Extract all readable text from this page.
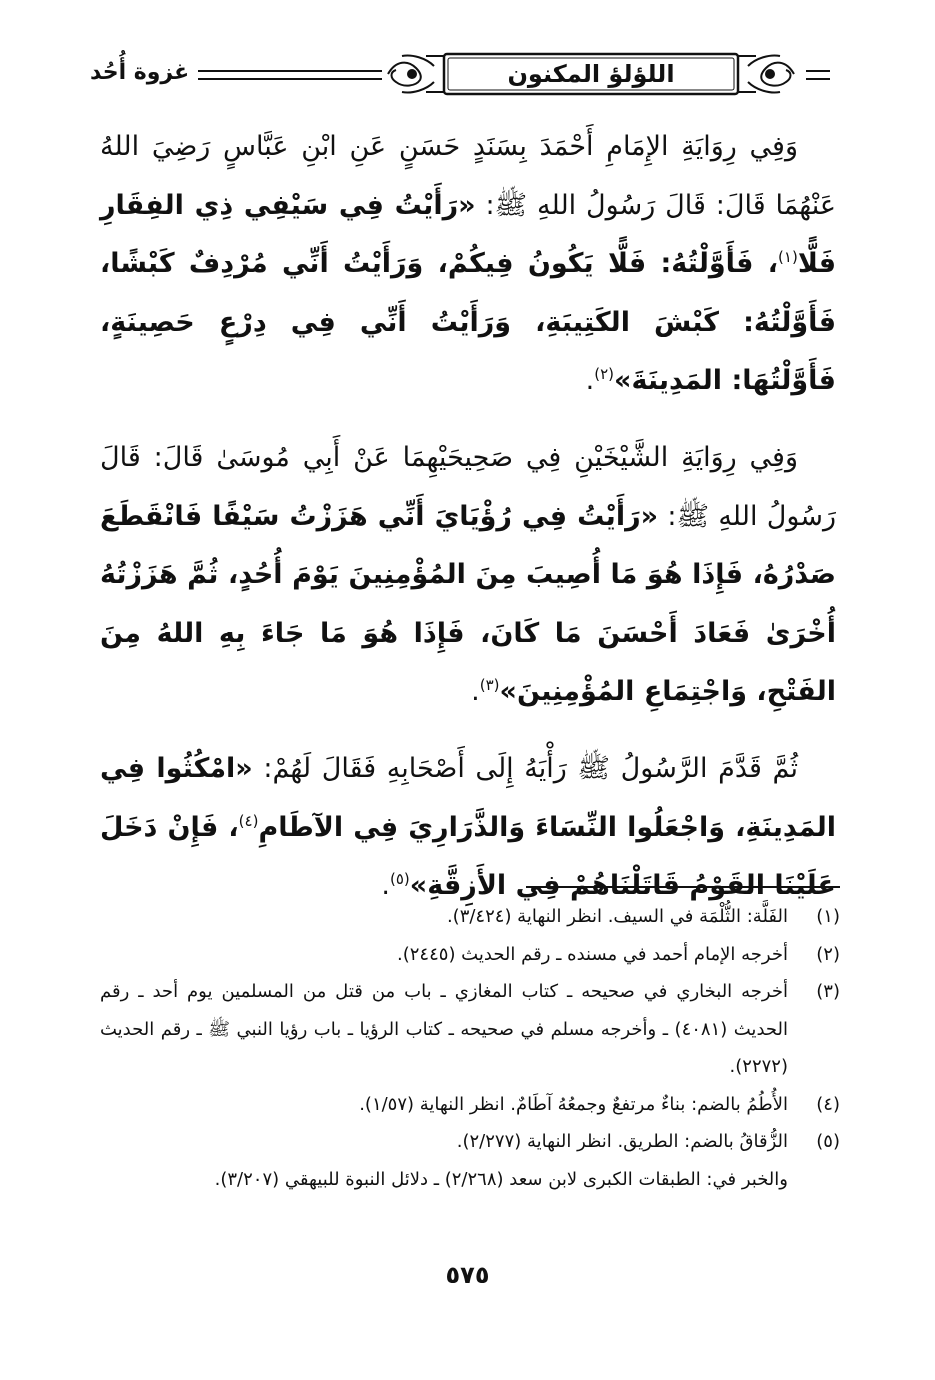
غزوة أُحُد	اللؤلؤ المكنون

وَفِي رِوَايَةِ الإِمَامِ أَحْمَدَ بِسَنَدٍ حَسَنٍ عَنِ ابْنِ عَبَّاسٍ رَضِيَ اللهُ عَنْهُمَا قَالَ: قَالَ رَسُولُ اللهِ ﷺ: «رَأَيْتُ فِي سَيْفِي ذِي الفِقَارِ فَلًّا$^{(١)}$، فَأَوَّلْتُهُ: فَلًّا يَكُونُ فِيكُمْ، وَرَأَيْتُ أَنِّي مُرْدِفٌ كَبْشًا، فَأَوَّلْتُهُ: كَبْشَ الكَتِيبَةِ، وَرَأَيْتُ أَنِّي فِي دِرْعٍ حَصِينَةٍ، فَأَوَّلْتُهَا: المَدِينَةَ»$^{(٢)}$.

وَفِي رِوَايَةِ الشَّيْخَيْنِ فِي صَحِيحَيْهِمَا عَنْ أَبِي مُوسَىٰ قَالَ: قَالَ رَسُولُ اللهِ ﷺ: «رَأَيْتُ فِي رُؤْيَايَ أَنِّي هَزَزْتُ سَيْفًا فَانْقَطَعَ صَدْرُهُ، فَإِذَا هُوَ مَا أُصِيبَ مِنَ المُؤْمِنِينَ يَوْمَ أُحُدٍ، ثُمَّ هَزَزْتُهُ أُخْرَىٰ فَعَادَ أَحْسَنَ مَا كَانَ، فَإِذَا هُوَ مَا جَاءَ بِهِ اللهُ مِنَ الفَتْحِ، وَاجْتِمَاعِ المُؤْمِنِينَ»$^{(٣)}$.

ثُمَّ قَدَّمَ الرَّسُولُ ﷺ رَأْيَهُ إِلَى أَصْحَابِهِ فَقَالَ لَهُمْ: «امْكُثُوا فِي المَدِينَةِ، وَاجْعَلُوا النِّسَاءَ وَالذَّرَارِيَ فِي الآطَامِ$^{(٤)}$، فَإِنْ دَخَلَ عَلَيْنَا القَوْمُ قَاتَلْنَاهُمْ فِي الأَزِقَّةِ»$^{(٥)}$.

(١)
الفَلَّة: الثُّلْمَة في السيف. انظر النهاية (٣/٤٢٤).
(٢)
أخرجه الإمام أحمد في مسنده ـ رقم الحديث (٢٤٤٥).
(٣)
أخرجه البخاري في صحيحه ـ كتاب المغازي ـ باب من قتل من المسلمين يوم أحد ـ رقم الحديث (٤٠٨١) ـ وأخرجه مسلم في صحيحه ـ كتاب الرؤيا ـ باب رؤيا النبي ﷺ ـ رقم الحديث (٢٢٧٢).
(٤)
الأُطُمُ بالضم: بناءٌ مرتفعٌ وجمعُهُ آطَامٌ. انظر النهاية (١/٥٧).
(٥)
الزُّقاقُ بالضم: الطريق. انظر النهاية (٢/٢٧٧).
والخبر في: الطبقات الكبرى لابن سعد (٢/٢٦٨) ـ دلائل النبوة للبيهقي (٣/٢٠٧).
٥٧٥
